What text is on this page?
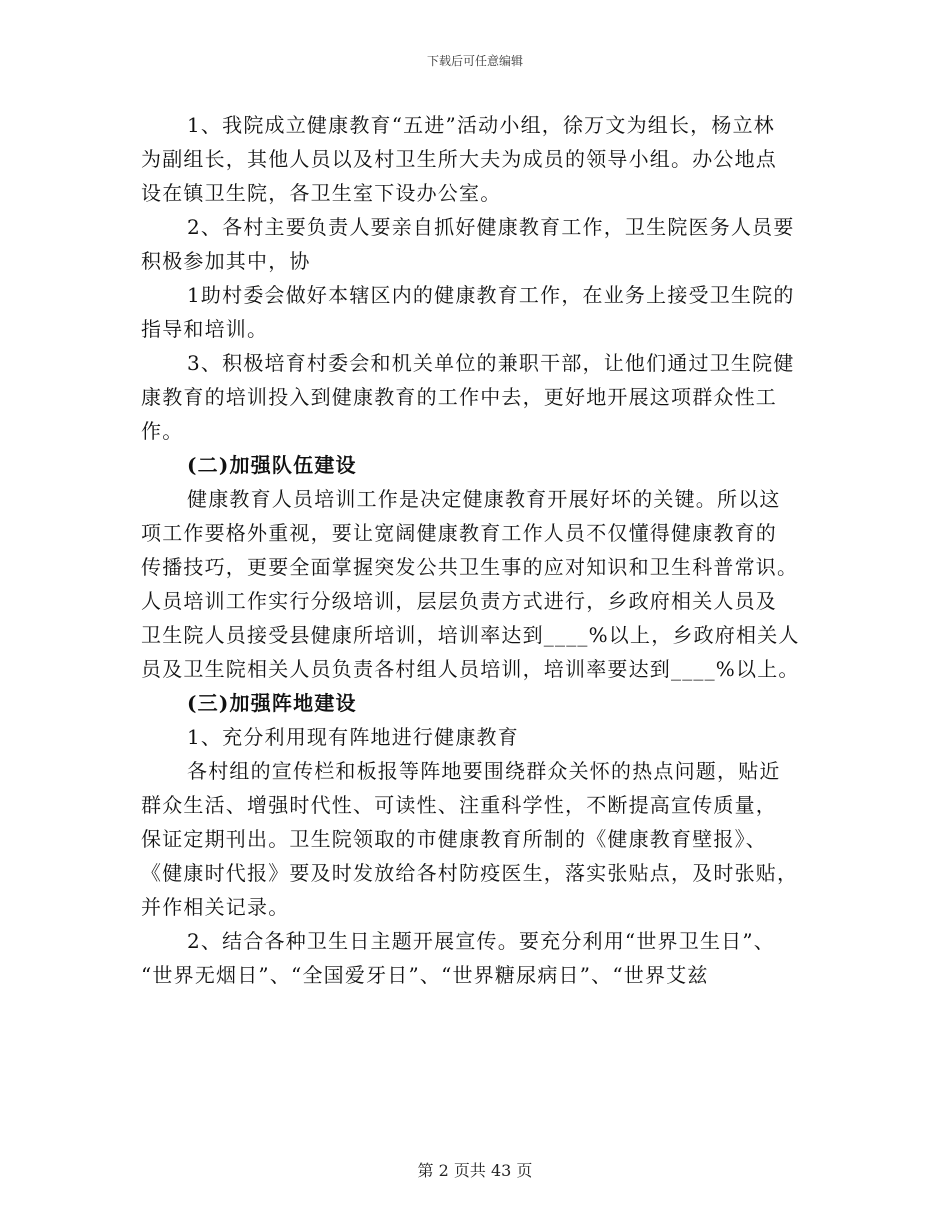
下载后可任意编辑
1、我院成立健康教育“五进”活动小组，徐万文为组长，杨立林
为副组长，其他人员以及村卫生所大夫为成员的领导小组。办公地点
设在镇卫生院，各卫生室下设办公室。
2、各村主要负责人要亲自抓好健康教育工作，卫生院医务人员要
积极参加其中，协
1助村委会做好本辖区内的健康教育工作，在业务上接受卫生院的
指导和培训。
3、积极培育村委会和机关单位的兼职干部，让他们通过卫生院健
康教育的培训投入到健康教育的工作中去，更好地开展这项群众性工
作。
(二)加强队伍建设
健康教育人员培训工作是决定健康教育开展好坏的关键。所以这
项工作要格外重视，要让宽阔健康教育工作人员不仅懂得健康教育的
传播技巧，更要全面掌握突发公共卫生事的应对知识和卫生科普常识。
人员培训工作实行分级培训，层层负责方式进行，乡政府相关人员及
卫生院人员接受县健康所培训，培训率达到____%以上，乡政府相关人
员及卫生院相关人员负责各村组人员培训，培训率要达到____%以上。
(三)加强阵地建设
1、充分利用现有阵地进行健康教育
各村组的宣传栏和板报等阵地要围绕群众关怀的热点问题，贴近
群众生活、增强时代性、可读性、注重科学性，不断提高宣传质量，
保证定期刊出。卫生院领取的市健康教育所制的《健康教育壁报》、
《健康时代报》要及时发放给各村防疫医生，落实张贴点，及时张贴，
并作相关记录。
2、结合各种卫生日主题开展宣传。要充分利用“世界卫生日”、
“世界无烟日”、“全国爱牙日”、“世界糖尿病日”、“世界艾兹
第 2 页共 43 页
